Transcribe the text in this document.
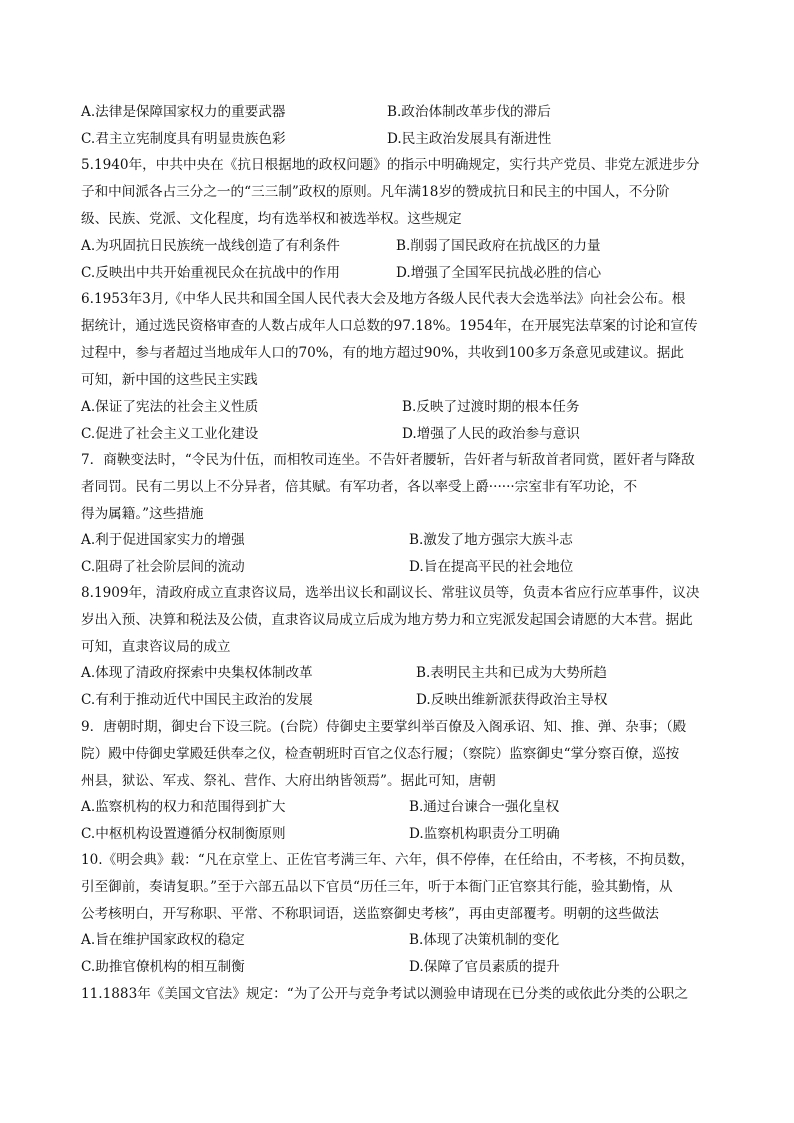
A.法律是保障国家权力的重要武器	B.政治体制改革步伐的滞后
C.君主立宪制度具有明显贵族色彩	D.民主政治发展具有渐进性
5.1940年，中共中央在《抗日根据地的政权问题》的指示中明确规定，实行共产党员、非党左派进步分
子和中间派各占三分之一的“三三制”政权的原则。凡年满18岁的赞成抗日和民主的中国人，不分阶
级、民族、党派、文化程度，均有选举权和被选举权。这些规定
A.为巩固抗日民族统一战线创造了有利条件	B.削弱了国民政府在抗战区的力量
C.反映出中共开始重视民众在抗战中的作用	D.增强了全国军民抗战必胜的信心
6.1953年3月,《中华人民共和国全国人民代表大会及地方各级人民代表大会选举法》向社会公布。根
据统计，通过选民资格审查的人数占成年人口总数的97.18%。1954年，在开展宪法草案的讨论和宣传
过程中，参与者超过当地成年人口的70%，有的地方超过90%，共收到100多万条意见或建议。据此
可知，新中国的这些民主实践
A.保证了宪法的社会主义性质	B.反映了过渡时期的根本任务
C.促进了社会主义工业化建设	D.增强了人民的政治参与意识
7．商鞅变法时，“令民为什伍，而相牧司连坐。不告奸者腰斩，告奸者与斩敌首者同赏，匿奸者与降敌
者同罚。民有二男以上不分异者，倍其赋。有军功者，各以率受上爵······宗室非有军功论，不
得为属籍。”这些措施
A.利于促进国家实力的增强	B.激发了地方强宗大族斗志
C.阻碍了社会阶层间的流动	D.旨在提高平民的社会地位
8.1909年，清政府成立直隶咨议局，选举出议长和副议长、常驻议员等，负责本省应行应革事件，议决
岁出入预、决算和税法及公债，直隶咨议局成立后成为地方势力和立宪派发起国会请愿的大本营。据此
可知，直隶咨议局的成立
A.体现了清政府探索中央集权体制改革	B.表明民主共和已成为大势所趋
C.有利于推动近代中国民主政治的发展	D.反映出维新派获得政治主导权
9．唐朝时期，御史台下设三院。(台院）侍御史主要掌纠举百僚及入阁承诏、知、推、弹、杂事；（殿
院）殿中侍御史掌殿廷供奉之仪，检查朝班时百官之仪态行履；（察院）监察御史“掌分察百僚，巡按
州县，狱讼、军戎、祭礼、营作、大府出纳皆领焉”。据此可知，唐朝
A.监察机构的权力和范围得到扩大	B.通过台谏合一强化皇权
C.中枢机构设置遵循分权制衡原则	D.监察机构职责分工明确
10.《明会典》载：“凡在京堂上、正佐官考满三年、六年，俱不停俸，在任给由，不考核，不拘员数，
引至御前，奏请复职。”至于六部五品以下官员“历任三年，听于本衙门正官察其行能，验其勤惰，从
公考核明白，开写称职、平常、不称职词语，送监察御史考核”，再由吏部覆考。明朝的这些做法
A.旨在维护国家政权的稳定	B.体现了决策机制的变化
C.助推官僚机构的相互制衡	D.保障了官员素质的提升
11.1883年《美国文官法》规定：“为了公开与竞争考试以测验申请现在已分类的或依此分类的公职之
